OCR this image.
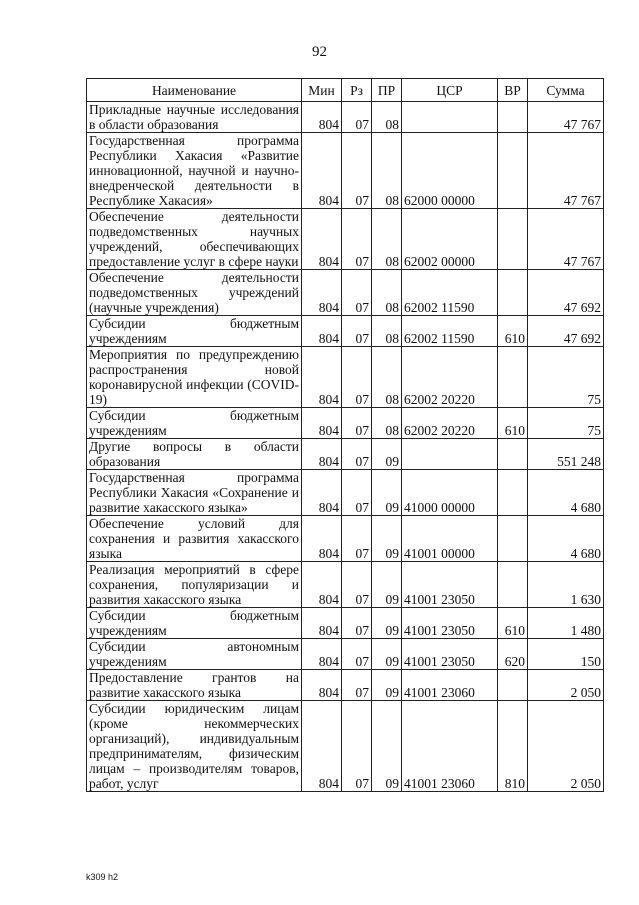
92
Наименование	Мин	Рз	ПР	ЦСР	ВР	Сумма
Прикладные научные исследования в области образования	804	07	08			47 767
Государственная программа Республики Хакасия «Развитие инновационной, научной и научно-внедренческой деятельности в Республике Хакасия»	804	07	08	62000 00000		47 767
Обеспечение деятельности подведомственных научных учреждений, обеспечивающих предоставление услуг в сфере науки	804	07	08	62002 00000		47 767
Обеспечение деятельности подведомственных учреждений (научные учреждения)	804	07	08	62002 11590		47 692
Субсидии бюджетным учреждениям	804	07	08	62002 11590	610	47 692
Мероприятия по предупреждению распространения новой коронавирусной инфекции (COVID-19)	804	07	08	62002 20220		75
Субсидии бюджетным учреждениям	804	07	08	62002 20220	610	75
Другие вопросы в области образования	804	07	09			551 248
Государственная программа Республики Хакасия «Сохранение и развитие хакасского языка»	804	07	09	41000 00000		4 680
Обеспечение условий для сохранения и развития хакасского языка	804	07	09	41001 00000		4 680
Реализация мероприятий в сфере сохранения, популяризации и развития хакасского языка	804	07	09	41001 23050		1 630
Субсидии бюджетным учреждениям	804	07	09	41001 23050	610	1 480
Субсидии автономным учреждениям	804	07	09	41001 23050	620	150
Предоставление грантов на развитие хакасского языка	804	07	09	41001 23060		2 050
Субсидии юридическим лицам (кроме некоммерческих организаций), индивидуальным предпринимателям, физическим лицам – производителям товаров, работ, услуг	804	07	09	41001 23060	810	2 050
k309 h2
